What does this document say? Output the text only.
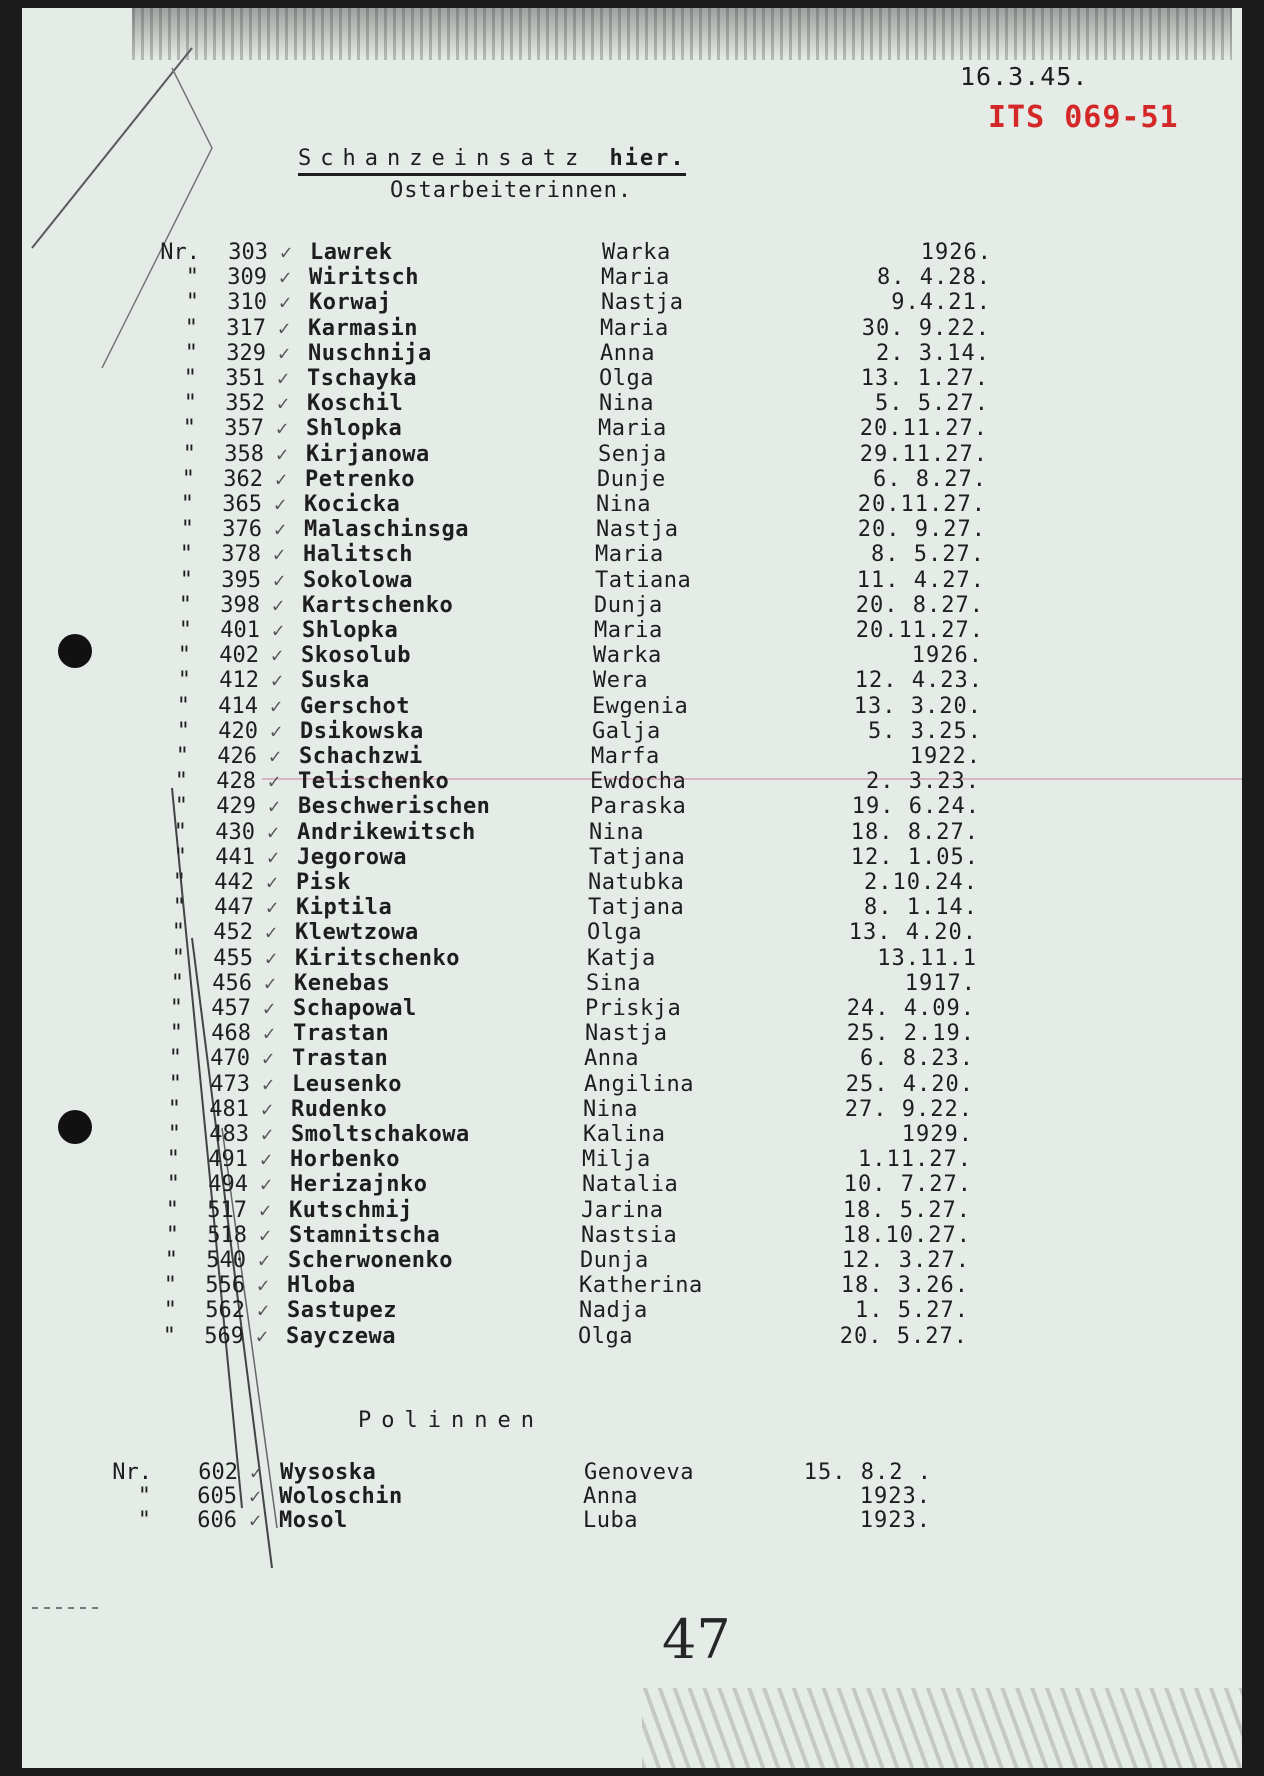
16.3.45.
ITS 069-51
Schanzeinsatz hier.
Ostarbeiterinnen.
Nr.	303 ✓ Lawrek	Warka	1926.
"	309 ✓ Wiritsch	Maria	8. 4.28.
"	310 ✓ Korwaj	Nastja	9.4.21.
"	317 ✓ Karmasin	Maria	30. 9.22.
"	329 ✓ Nuschnija	Anna	2. 3.14.
"	351 ✓ Tschayka	Olga	13. 1.27.
"	352 ✓ Koschil	Nina	5. 5.27.
"	357 ✓ Shlopka	Maria	20.11.27.
"	358 ✓ Kirjanowa	Senja	29.11.27.
"	362 ✓ Petrenko	Dunje	6. 8.27.
"	365 ✓ Kocicka	Nina	20.11.27.
"	376 ✓ Malaschinsga	Nastja	20. 9.27.
"	378 ✓ Halitsch	Maria	8. 5.27.
"	395 ✓ Sokolowa	Tatiana	11. 4.27.
"	398 ✓ Kartschenko	Dunja	20. 8.27.
"	401 ✓ Shlopka	Maria	20.11.27.
"	402 ✓ Skosolub	Warka	1926.
"	412 ✓ Suska	Wera	12. 4.23.
"	414 ✓ Gerschot	Ewgenia	13. 3.20.
"	420 ✓ Dsikowska	Galja	5. 3.25.
"	426 ✓ Schachzwi	Marfa	1922.
"	428 ✓ Telischenko	Ewdocha	2. 3.23.
"	429 ✓ Beschwerischen	Paraska	19. 6.24.
"	430 ✓ Andrikewitsch	Nina	18. 8.27.
"	441 ✓ Jegorowa	Tatjana	12. 1.05.
"	442 ✓ Pisk	Natubka	2.10.24.
"	447 ✓ Kiptila	Tatjana	8. 1.14.
"	452 ✓ Klewtzowa	Olga	13. 4.20.
"	455 ✓ Kiritschenko	Katja	13.11.1
"	456 ✓ Kenebas	Sina	1917.
"	457 ✓ Schapowal	Priskja	24. 4.09.
"	468 ✓ Trastan	Nastja	25. 2.19.
"	470 ✓ Trastan	Anna	6. 8.23.
"	473 ✓ Leusenko	Angilina	25. 4.20.
"	481 ✓ Rudenko	Nina	27. 9.22.
"	483 ✓ Smoltschakowa	Kalina	1929.
"	491 ✓ Horbenko	Milja	1.11.27.
"	494 ✓ Herizajnko	Natalia	10. 7.27.
"	517 ✓ Kutschmij	Jarina	18. 5.27.
"	518 ✓ Stamnitscha	Nastsia	18.10.27.
"	540 ✓ Scherwonenko	Dunja	12. 3.27.
"	556 ✓ Hloba	Katherina	18. 3.26.
"	562 ✓ Sastupez	Nadja	1. 5.27.
"	569 ✓ Sayczewa	Olga	20. 5.27.
Polinnen
Nr.	602 ✓ Wysoska	Genoveva	15. 8.2 .
"	605 ✓ Woloschin	Anna	1923.
"	606 ✓ Mosol	Luba	1923.
47
